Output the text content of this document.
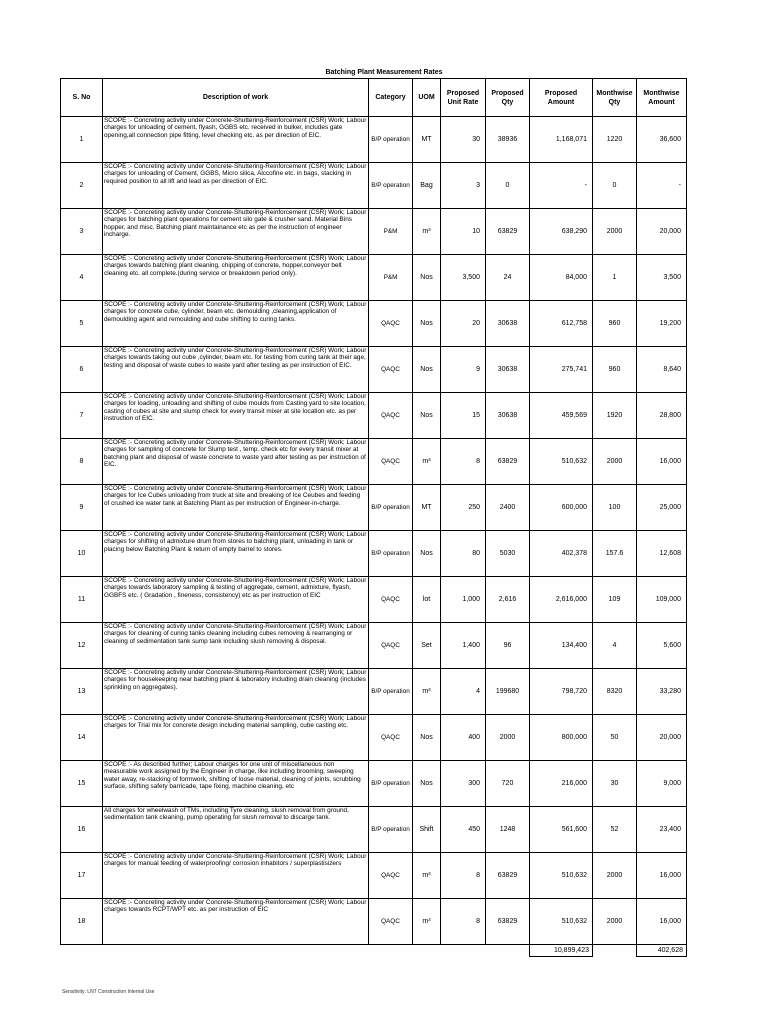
Batching Plant Measurement Rates
S. No	Description of work	Category	UOM	Proposed Unit Rate	Proposed Qty	Proposed Amount	Monthwise Qty	Monthwise Amount
1	SCOPE :- Concreting activity under Concrete-Shuttering-Reinforcement (CSR) Work; Labour charges for unloading of cement, flyash, GGBS etc. received in bulker, includes gate opening,all connection pipe fitting, level checking etc. as per direction of EIC.	B/P operation	MT	30	38936	1,168,071	1220	36,600
2	SCOPE :- Concreting activity under Concrete-Shuttering-Reinforcement (CSR) Work; Labour charges for unloading of Cement, GGBS, Micro silica, Alccofine etc. in bags, stacking in required position to all lift and lead as per direction of EIC.	B/P operation	Bag	3	0	-	0	-
3	SCOPE :- Concreting activity under Concrete-Shuttering-Reinforcement (CSR) Work; Labour charges for batching plant operations for cement silo gate & crusher sand. Material Bins hopper, and misc. Batching plant maintainance etc as per the instruction of engineer incharge.	P&M	m³	10	63829	638,290	2000	20,000
4	SCOPE :- Concreting activity under Concrete-Shuttering-Reinforcement (CSR) Work; Labour charges towards batching plant cleaning, chipping of concrete, hopper,conveyor belt cleaning etc. all complete.(during service or breakdown period only).	P&M	Nos	3,500	24	84,000	1	3,500
5	SCOPE :- Concreting activity under Concrete-Shuttering-Reinforcement (CSR) Work; Labour charges for concrete cube, cylinder, beam etc. demoulding ,cleaning,application of demoulding agent and remoulding and cube shifting to curing tanks.	QAQC	Nos	20	30638	612,758	960	19,200
6	SCOPE :- Concreting activity under Concrete-Shuttering-Reinforcement (CSR) Work; Labour charges towards taking out cube ,cylinder, beam etc. for testing from curing tank at their age, testing and disposal of waste cubes to waste yard after testing as per instruction of EIC.	QAQC	Nos	9	30638	275,741	960	8,640
7	SCOPE :- Concreting activity under Concrete-Shuttering-Reinforcement (CSR) Work; Labour charges for loading, unloading and shifting of cube moulds from Casting yard to site location, casting of cubes at site and slump check for every transit mixer at site location etc. as per instruction of EIC.	QAQC	Nos	15	30638	459,569	1920	28,800
8	SCOPE :- Concreting activity under Concrete-Shuttering-Reinforcement (CSR) Work; Labour charges for sampling of concrete for Slump test , temp. check etc for every transit mixer at batching plant and disposal of waste concrete to waste yard after testing as per instruction of EIC.	QAQC	m³	8	63829	510,632	2000	16,000
9	SCOPE :- Concreting activity under Concrete-Shuttering-Reinforcement (CSR) Work; Labour charges for Ice Cubes unloading from truck at site and breaking of Ice Ceubes and feeding of crushed ice water tank at Batching Plant as per instruction of Engineer-in-charge.	B/P operation	MT	250	2400	600,000	100	25,000
10	SCOPE :- Concreting activity under Concrete-Shuttering-Reinforcement (CSR) Work; Labour charges for shifting of admixture drum from stores to batching plant, unloading in tank or placing below Batching Plant & return of empty barrel to stores.	B/P operation	Nos	80	5030	402,378	157.6	12,608
11	SCOPE :- Concreting activity under Concrete-Shuttering-Reinforcement (CSR) Work; Labour charges towards laboratory sampling & testing of aggregate, cement, admixture, flyash, GGBFS etc. ( Gradation , fineness, consistency) etc as per instruction of EIC	QAQC	lot	1,000	2,616	2,616,000	109	109,000
12	SCOPE :- Concreting activity under Concrete-Shuttering-Reinforcement (CSR) Work; Labour charges for cleaning of curing tanks cleaning including cubes removing & rearranging or cleaning of sedimentation tank sump tank including slush removing & disposal.	QAQC	Set	1,400	96	134,400	4	5,600
13	SCOPE :- Concreting activity under Concrete-Shuttering-Reinforcement (CSR) Work; Labour charges for housekeeping near batching plant & laboratory including drain cleaning (includes sprinkling on aggregates).	B/P operation	m³	4	199680	798,720	8320	33,280
14	SCOPE :- Concreting activity under Concrete-Shuttering-Reinforcement (CSR) Work; Labour charges for Trial mix for concrete design including material sampling, cube casting etc.	QAQC	Nos	400	2000	800,000	50	20,000
15	SCOPE :- As described further; Labour charges for one unit of miscellaneous non measurable work assigned by the Engineer in charge, like including brooming, sweeping water away, re-stacking of formwork, shifting of loose material, cleaning of joints, scrubbing surface, shifting safety barricade, tape fixing, machine cleaning, etc	B/P operation	Nos	300	720	216,000	30	9,000
16	All charges for wheelwash of TMs, including Tyre cleaning, slush removal from ground, sedimentation tank cleaning, pump operating for slush removal to discarge tank.	B/P operation	Shift	450	1248	561,600	52	23,400
17	SCOPE :- Concreting activity under Concrete-Shuttering-Reinforcement (CSR) Work; Labour charges for manual feeding of waterproofing/ corrosion inhabitors / superplastisizers	QAQC	m³	8	63829	510,632	2000	16,000
18	SCOPE :- Concreting activity under Concrete-Shuttering-Reinforcement (CSR) Work; Labour charges towards RCPT/WPT etc. as per instruction of EIC	QAQC	m³	8	63829	510,632	2000	16,000
						10,899,423		402,628
Sensitivity: LNT Construction Internal Use
